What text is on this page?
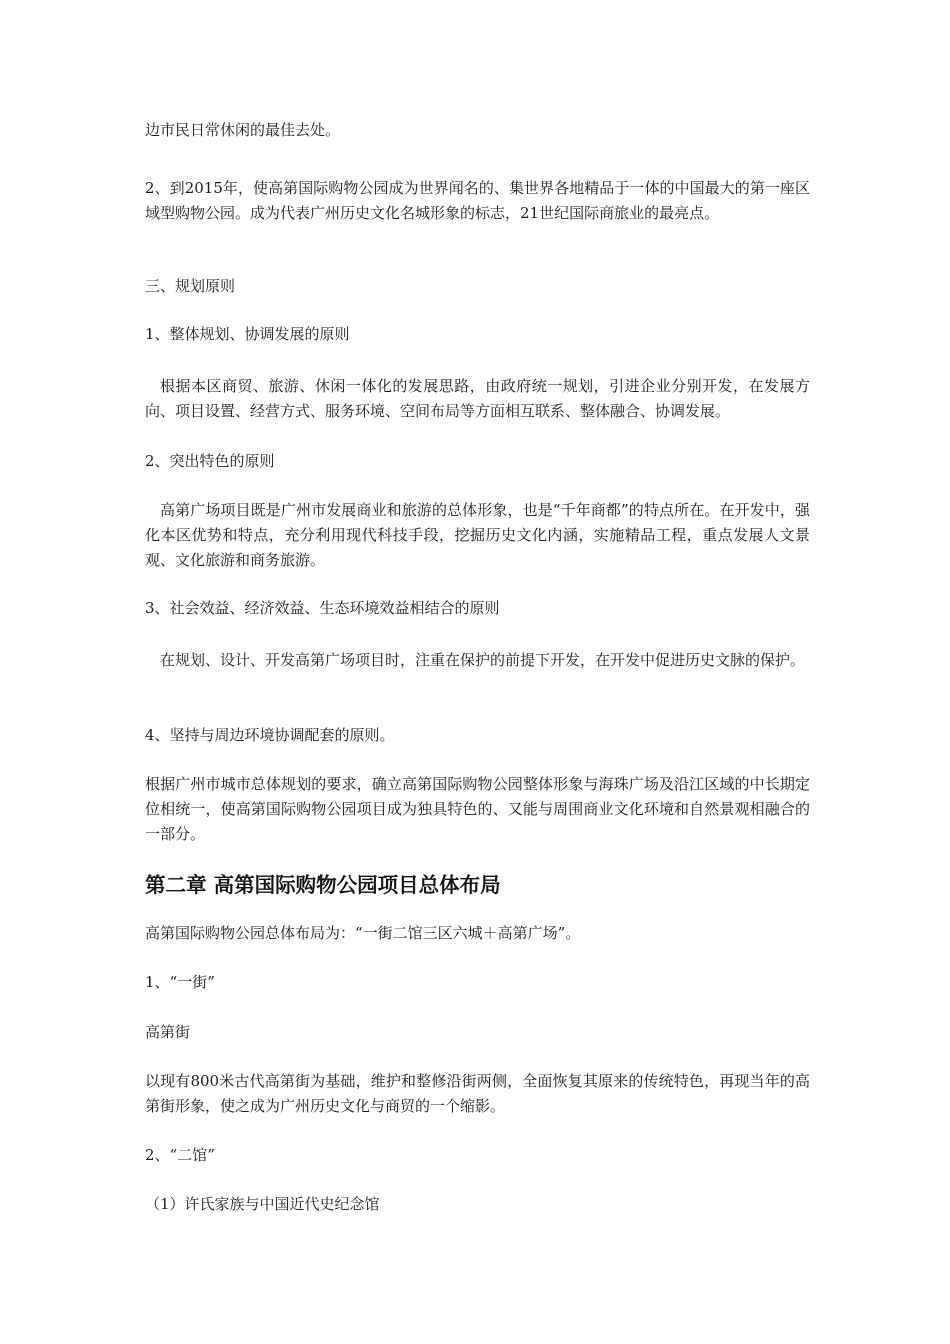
边市民日常休闲的最佳去处。

2、到2015年，使高第国际购物公园成为世界闻名的、集世界各地精品于一体的中国最大的第一座区域型购物公园。成为代表广州历史文化名城形象的标志，21世纪国际商旅业的最亮点。

三、规划原则

1、整体规划、协调发展的原则

根据本区商贸、旅游、休闲一体化的发展思路，由政府统一规划，引进企业分别开发，在发展方向、项目设置、经营方式、服务环境、空间布局等方面相互联系、整体融合、协调发展。

2、突出特色的原则

高第广场项目既是广州市发展商业和旅游的总体形象，也是“千年商都”的特点所在。在开发中，强化本区优势和特点，充分利用现代科技手段，挖掘历史文化内涵，实施精品工程，重点发展人文景观、文化旅游和商务旅游。

3、社会效益、经济效益、生态环境效益相结合的原则

在规划、设计、开发高第广场项目时，注重在保护的前提下开发，在开发中促进历史文脉的保护。

4、坚持与周边环境协调配套的原则。

根据广州市城市总体规划的要求，确立高第国际购物公园整体形象与海珠广场及沿江区域的中长期定位相统一，使高第国际购物公园项目成为独具特色的、又能与周围商业文化环境和自然景观相融合的一部分。

第二章 高第国际购物公园项目总体布局

高第国际购物公园总体布局为：“一街二馆三区六城＋高第广场”。

1、“一街”

高第街

以现有800米古代高第街为基础，维护和整修沿街两侧，全面恢复其原来的传统特色，再现当年的高第街形象，使之成为广州历史文化与商贸的一个缩影。

2、“二馆”

（1）许氏家族与中国近代史纪念馆
